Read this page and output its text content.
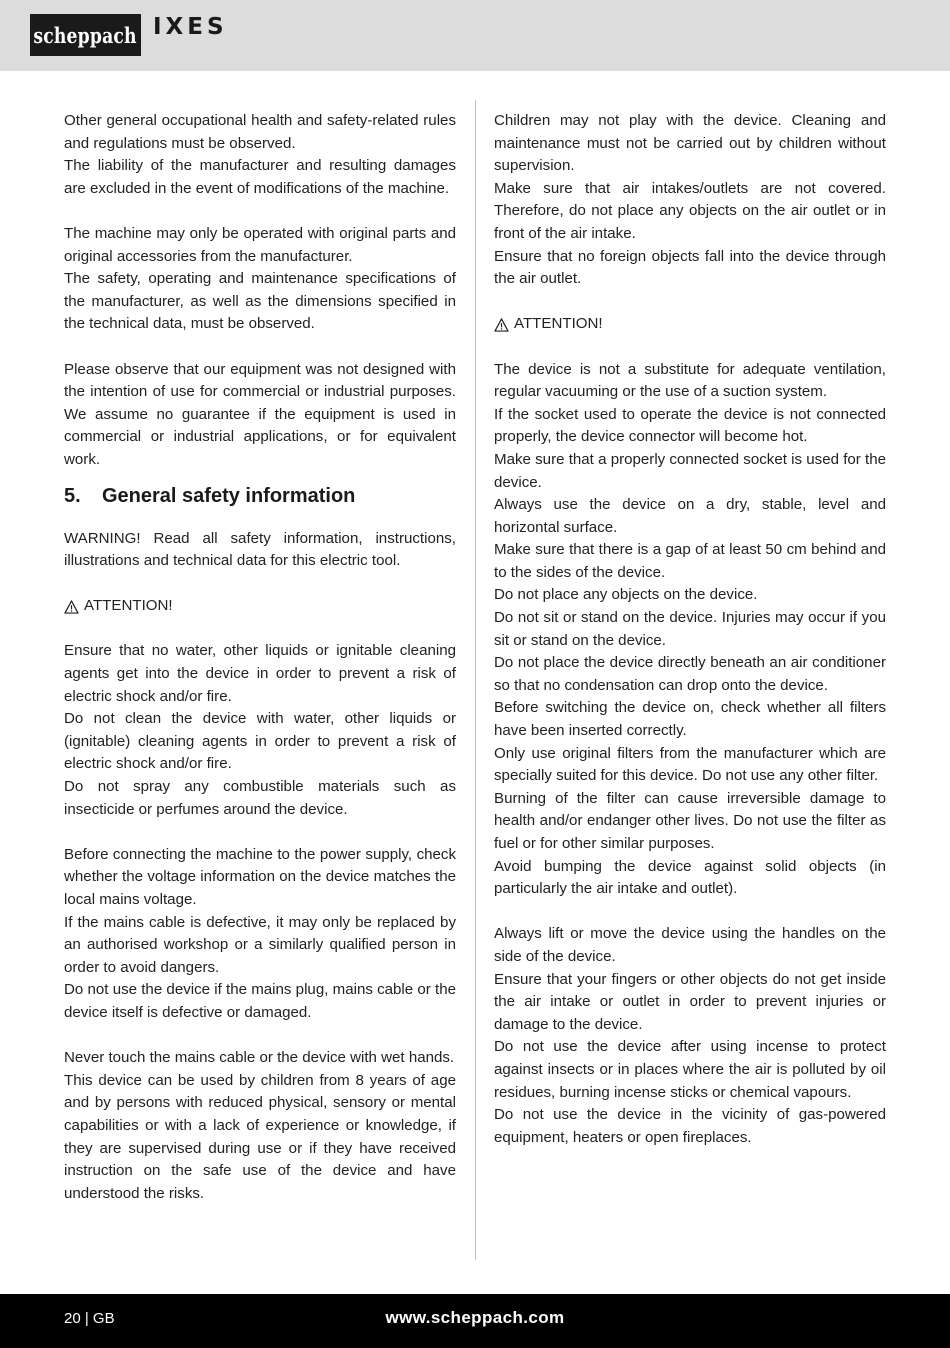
scheppach IXES

Other general occupational health and safety-related rules and regulations must be observed.

The liability of the manufacturer and resulting damages are excluded in the event of modifications of the machine.

The machine may only be operated with original parts and original accessories from the manufacturer.

The safety, operating and maintenance specifications of the manufacturer, as well as the dimensions specified in the technical data, must be observed.

Please observe that our equipment was not designed with the intention of use for commercial or industrial purposes. We assume no guarantee if the equipment is used in commercial or industrial applications, or for equivalent work.

5. General safety information

WARNING! Read all safety information, instructions, illustrations and technical data for this electric tool.

ATTENTION!

Ensure that no water, other liquids or ignitable cleaning agents get into the device in order to prevent a risk of electric shock and/or fire.

Do not clean the device with water, other liquids or (ignitable) cleaning agents in order to prevent a risk of electric shock and/or fire.

Do not spray any combustible materials such as insecticide or perfumes around the device.

Before connecting the machine to the power supply, check whether the voltage information on the device matches the local mains voltage.

If the mains cable is defective, it may only be replaced by an authorised workshop or a similarly qualified person in order to avoid dangers.

Do not use the device if the mains plug, mains cable or the device itself is defective or damaged.

Never touch the mains cable or the device with wet hands.

This device can be used by children from 8 years of age and by persons with reduced physical, sensory or mental capabilities or with a lack of experience or knowledge, if they are supervised during use or if they have received instruction on the safe use of the device and have understood the risks.

Children may not play with the device. Cleaning and maintenance must not be carried out by children without supervision.

Make sure that air intakes/outlets are not covered. Therefore, do not place any objects on the air outlet or in front of the air intake.

Ensure that no foreign objects fall into the device through the air outlet.

ATTENTION!

The device is not a substitute for adequate ventilation, regular vacuuming or the use of a suction system.

If the socket used to operate the device is not connected properly, the device connector will become hot.

Make sure that a properly connected socket is used for the device.

Always use the device on a dry, stable, level and horizontal surface.

Make sure that there is a gap of at least 50 cm behind and to the sides of the device.

Do not place any objects on the device.

Do not sit or stand on the device. Injuries may occur if you sit or stand on the device.

Do not place the device directly beneath an air conditioner so that no condensation can drop onto the device.

Before switching the device on, check whether all filters have been inserted correctly.

Only use original filters from the manufacturer which are specially suited for this device. Do not use any other filter.

Burning of the filter can cause irreversible damage to health and/or endanger other lives. Do not use the filter as fuel or for other similar purposes.

Avoid bumping the device against solid objects (in particularly the air intake and outlet).

Always lift or move the device using the handles on the side of the device.

Ensure that your fingers or other objects do not get inside the air intake or outlet in order to prevent injuries or damage to the device.

Do not use the device after using incense to protect against insects or in places where the air is polluted by oil residues, burning incense sticks or chemical vapours.

Do not use the device in the vicinity of gas-powered equipment, heaters or open fireplaces.

20 | GB	www.scheppach.com
